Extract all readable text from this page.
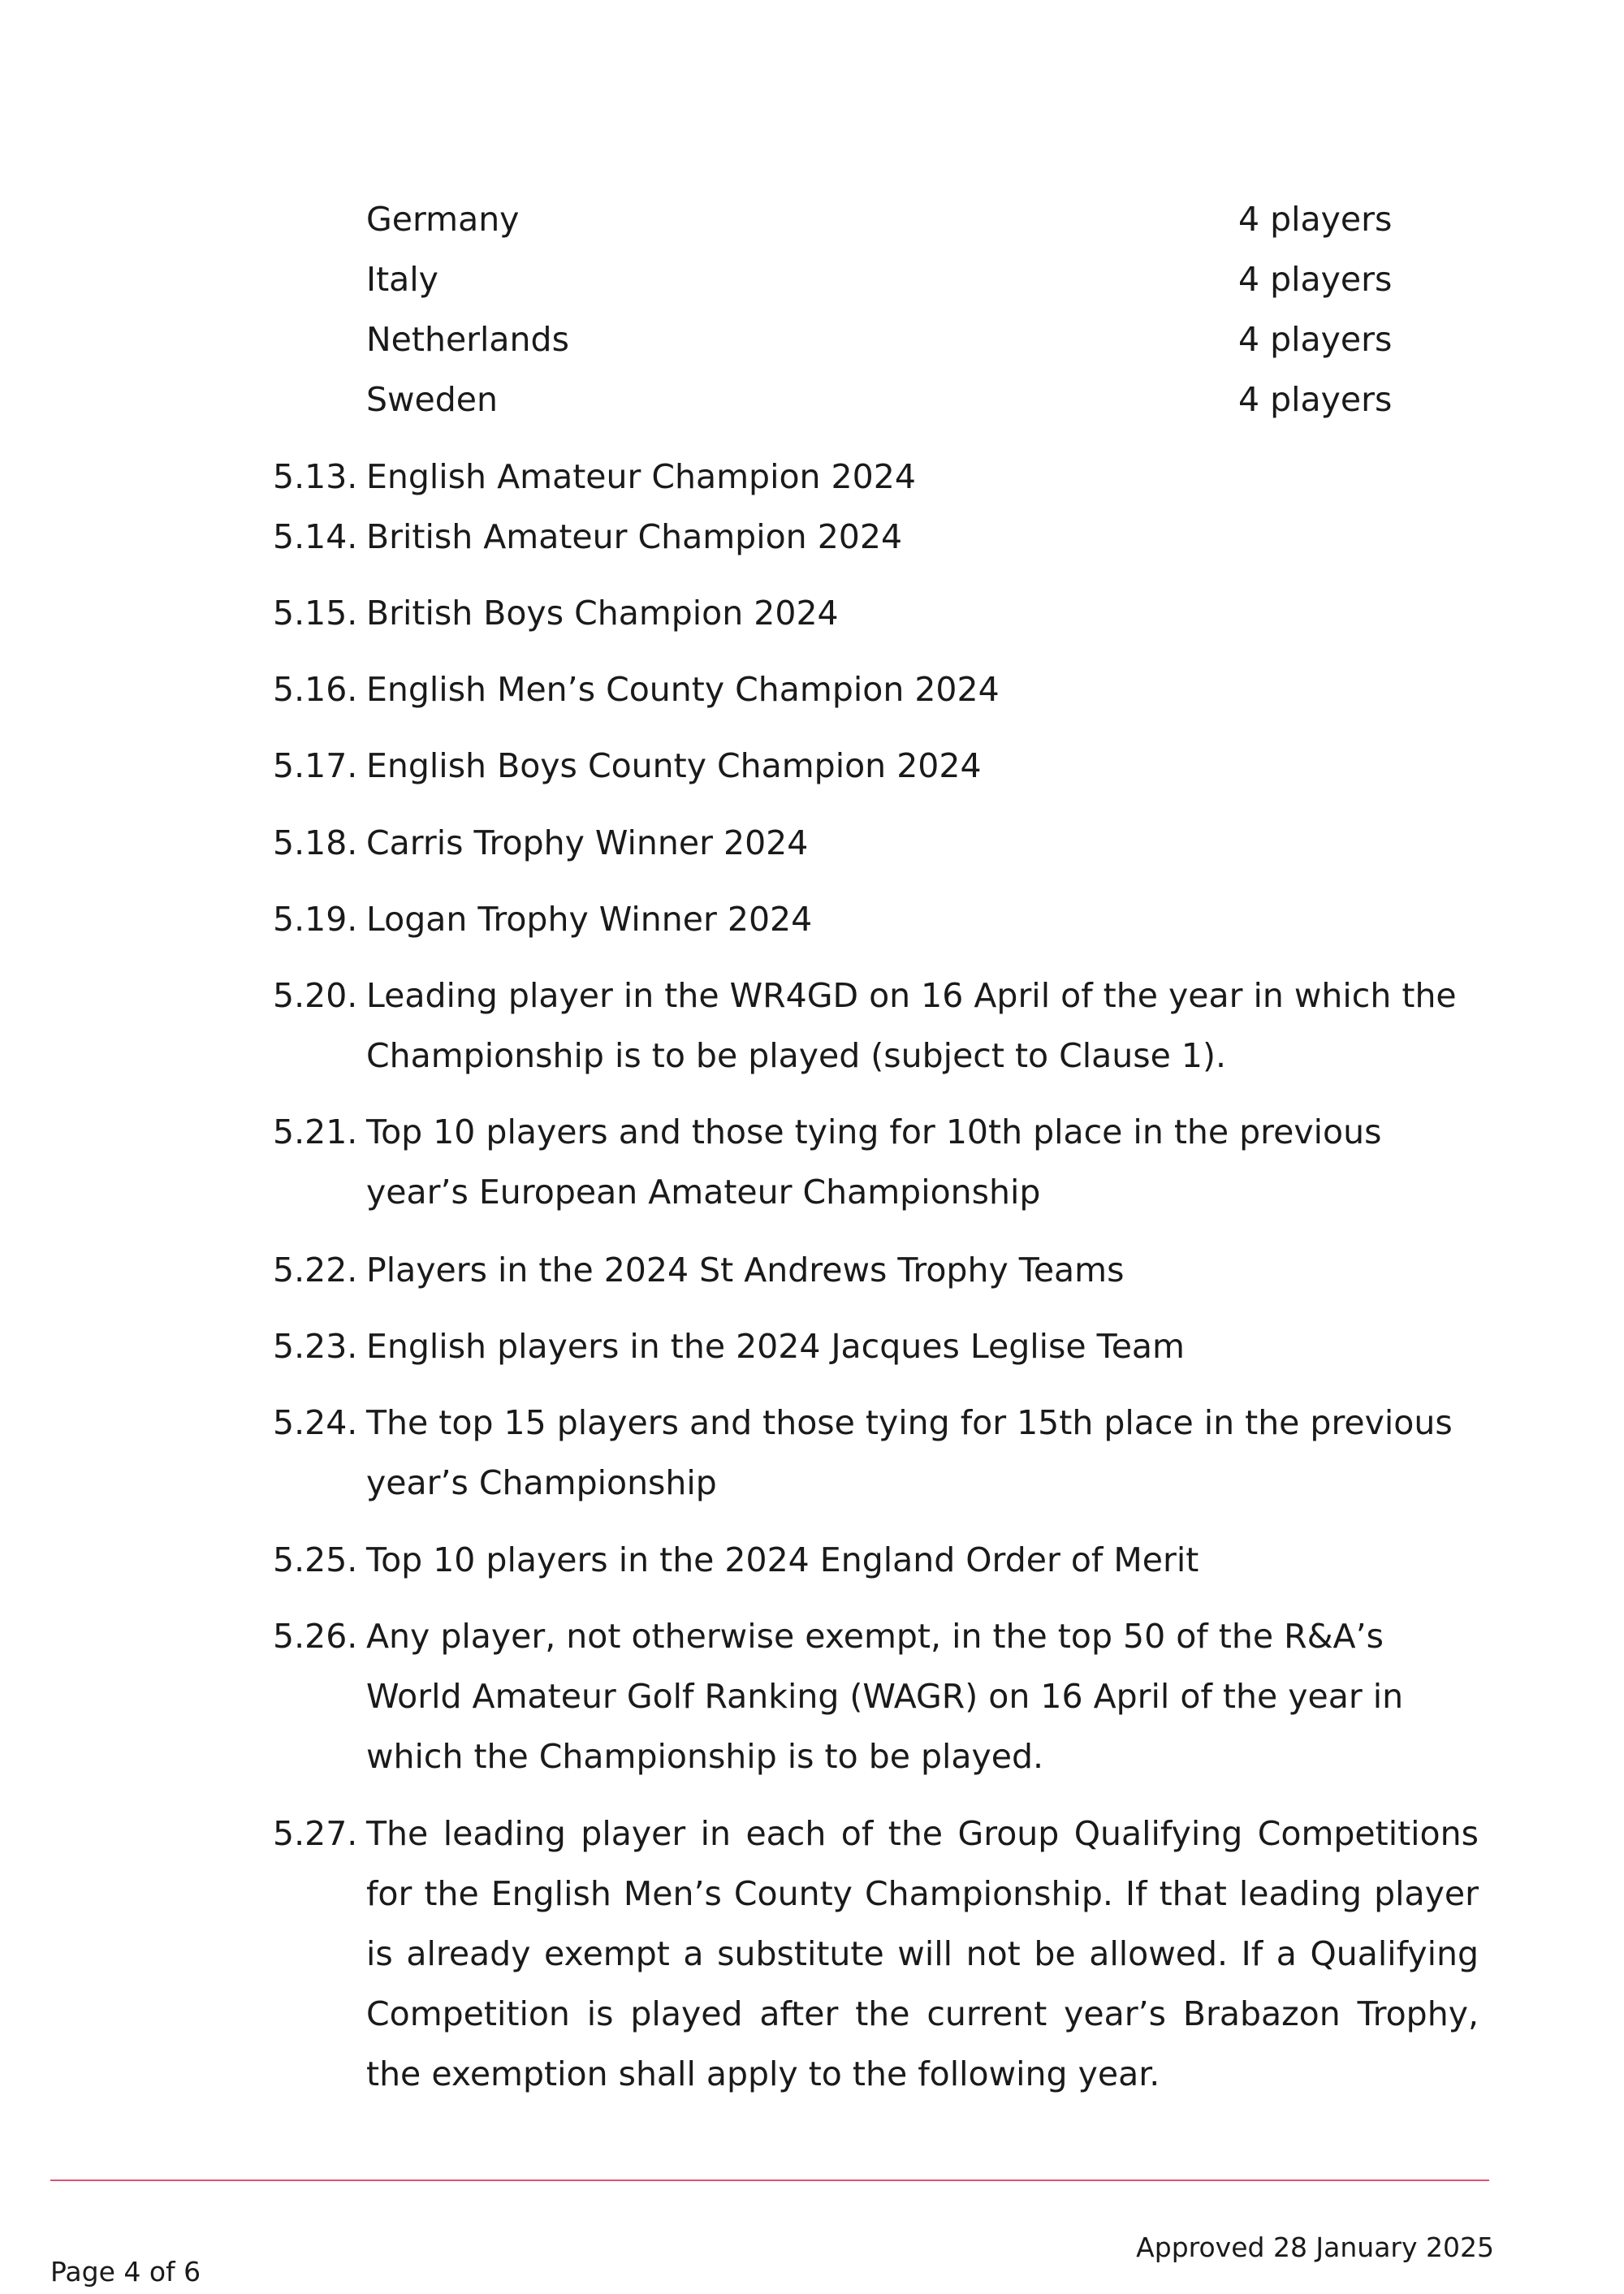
Germany	4 players
Italy	4 players
Netherlands	4 players
Sweden	4 players
5.13. English Amateur Champion 2024
5.14. British Amateur Champion 2024
5.15. British Boys Champion 2024
5.16. English Men’s County Champion 2024
5.17. English Boys County Champion 2024
5.18. Carris Trophy Winner 2024
5.19. Logan Trophy Winner 2024
5.20. Leading player in the WR4GD on 16 April of the year in which the Championship is to be played (subject to Clause 1).
5.21. Top 10 players and those tying for 10th place in the previous year’s European Amateur Championship
5.22. Players in the 2024 St Andrews Trophy Teams
5.23. English players in the 2024 Jacques Leglise Team
5.24. The top 15 players and those tying for 15th place in the previous year’s Championship
5.25. Top 10 players in the 2024 England Order of Merit
5.26. Any player, not otherwise exempt, in the top 50 of the R&A’s World Amateur Golf Ranking (WAGR) on 16 April of the year in which the Championship is to be played.
5.27. The leading player in each of the Group Qualifying Competitions for the English Men’s County Championship. If that leading player is already exempt a substitute will not be allowed. If a Qualifying Competition is played after the current year’s Brabazon Trophy, the exemption shall apply to the following year.
Approved 28 January 2025
Page 4 of 6
